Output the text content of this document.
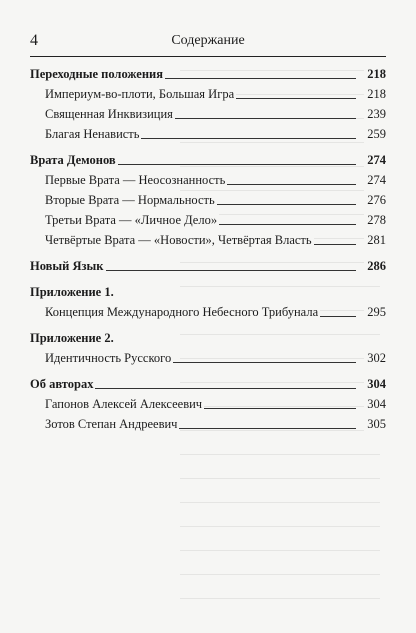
4	Содержание
Переходные положения	218
Империум-во-плоти, Большая Игра	218
Священная Инквизиция	239
Благая Ненависть	259
Врата Демонов	274
Первые Врата — Неосознанность	274
Вторые Врата — Нормальность	276
Третьи Врата — «Личное Дело»	278
Четвёртые Врата — «Новости», Четвёртая Власть	281
Новый Язык	286
Приложение 1.
Концепция Международного Небесного Трибунала	295
Приложение 2.
Идентичность Русского	302
Об авторах	304
Гапонов Алексей Алексеевич	304
Зотов Степан Андреевич	305
